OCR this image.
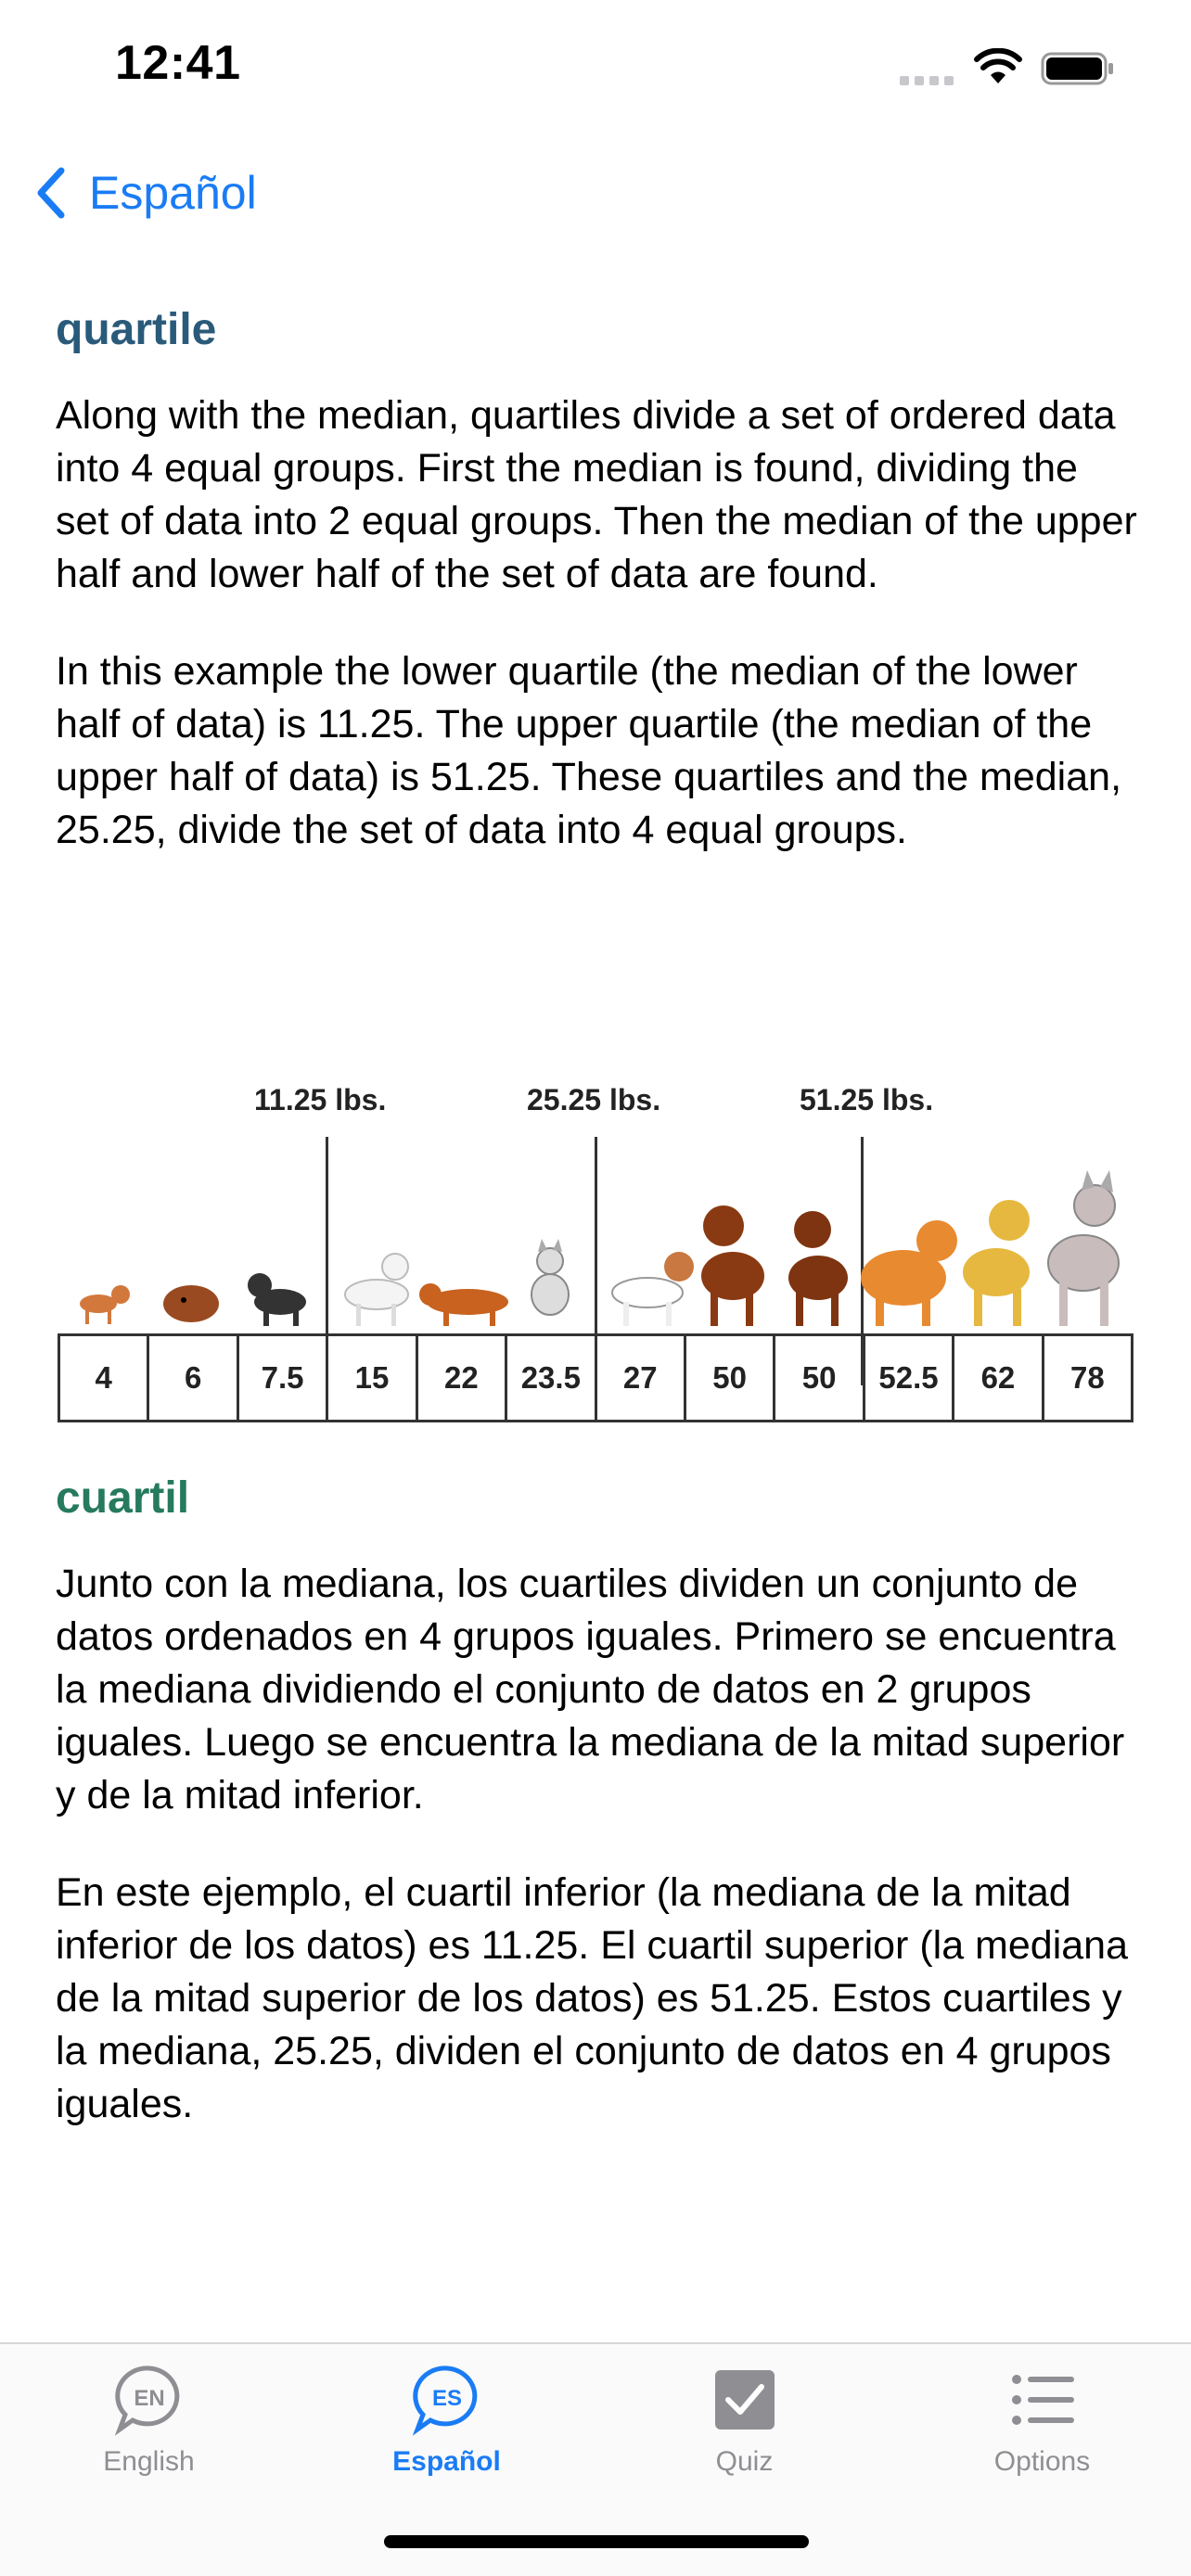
12:41
Español
quartile

Along with the median, quartiles divide a set of ordered data into 4 equal groups. First the median is found, dividing the set of data into 2 equal groups. Then the median of the upper half and lower half of the set of data are found.

In this example the lower quartile (the median of the lower half of data) is 11.25. The upper quartile (the median of the upper half of data) is 51.25. These quartiles and the median, 25.25, divide the set of data into 4 equal groups.

11.25 lbs.	25.25 lbs.	51.25 lbs.
4	6	7.5	15	22	23.5	27	50	50	52.5	62	78
cuartil

Junto con la mediana, los cuartiles dividen un conjunto de datos ordenados en 4 grupos iguales. Primero se encuentra la mediana dividiendo el conjunto de datos en 2 grupos iguales. Luego se encuentra la mediana de la mitad superior y de la mitad inferior.

En este ejemplo, el cuartil inferior (la mediana de la mitad inferior de los datos) es 11.25. El cuartil superior (la mediana de la mitad superior de los datos) es 51.25. Estos cuartiles y la mediana, 25.25, dividen el conjunto de datos en 4 grupos iguales.

EN
English
ES
Español	Quiz	Options
